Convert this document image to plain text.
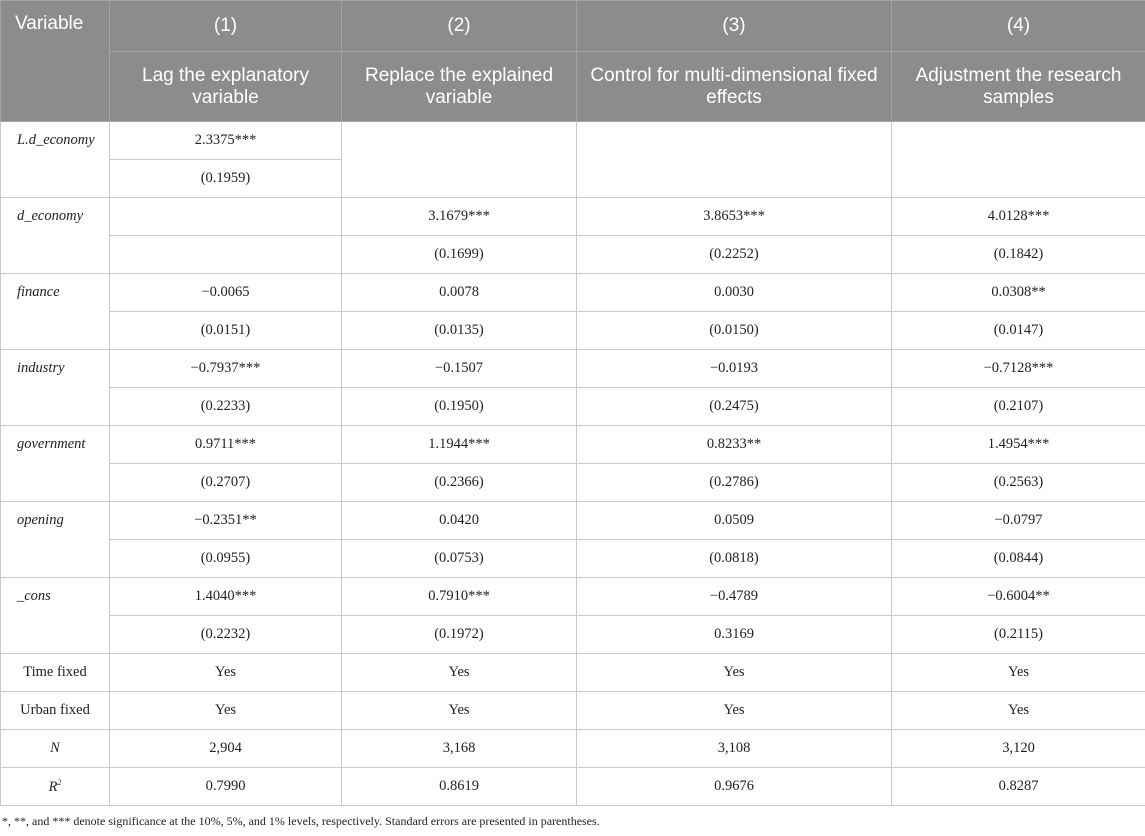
Variable	(1)	(2)	(3)	(4)
	Lag the explanatory variable	Replace the explained variable	Control for multi-dimensional fixed effects	Adjustment the research samples
L.d_economy	2.3375***			
	(0.1959)			
d_economy		3.1679***	3.8653***	4.0128***
		(0.1699)	(0.2252)	(0.1842)
finance	−0.0065	0.0078	0.0030	0.0308**
	(0.0151)	(0.0135)	(0.0150)	(0.0147)
industry	−0.7937***	−0.1507	−0.0193	−0.7128***
	(0.2233)	(0.1950)	(0.2475)	(0.2107)
government	0.9711***	1.1944***	0.8233**	1.4954***
	(0.2707)	(0.2366)	(0.2786)	(0.2563)
opening	−0.2351**	0.0420	0.0509	−0.0797
	(0.0955)	(0.0753)	(0.0818)	(0.0844)
_cons	1.4040***	0.7910***	−0.4789	−0.6004**
	(0.2232)	(0.1972)	0.3169	(0.2115)
Time fixed	Yes	Yes	Yes	Yes
Urban fixed	Yes	Yes	Yes	Yes
N	2,904	3,168	3,108	3,120
$R^2$	0.7990	0.8619	0.9676	0.8287
*, **, and *** denote significance at the 10%, 5%, and 1% levels, respectively. Standard errors are presented in parentheses.
